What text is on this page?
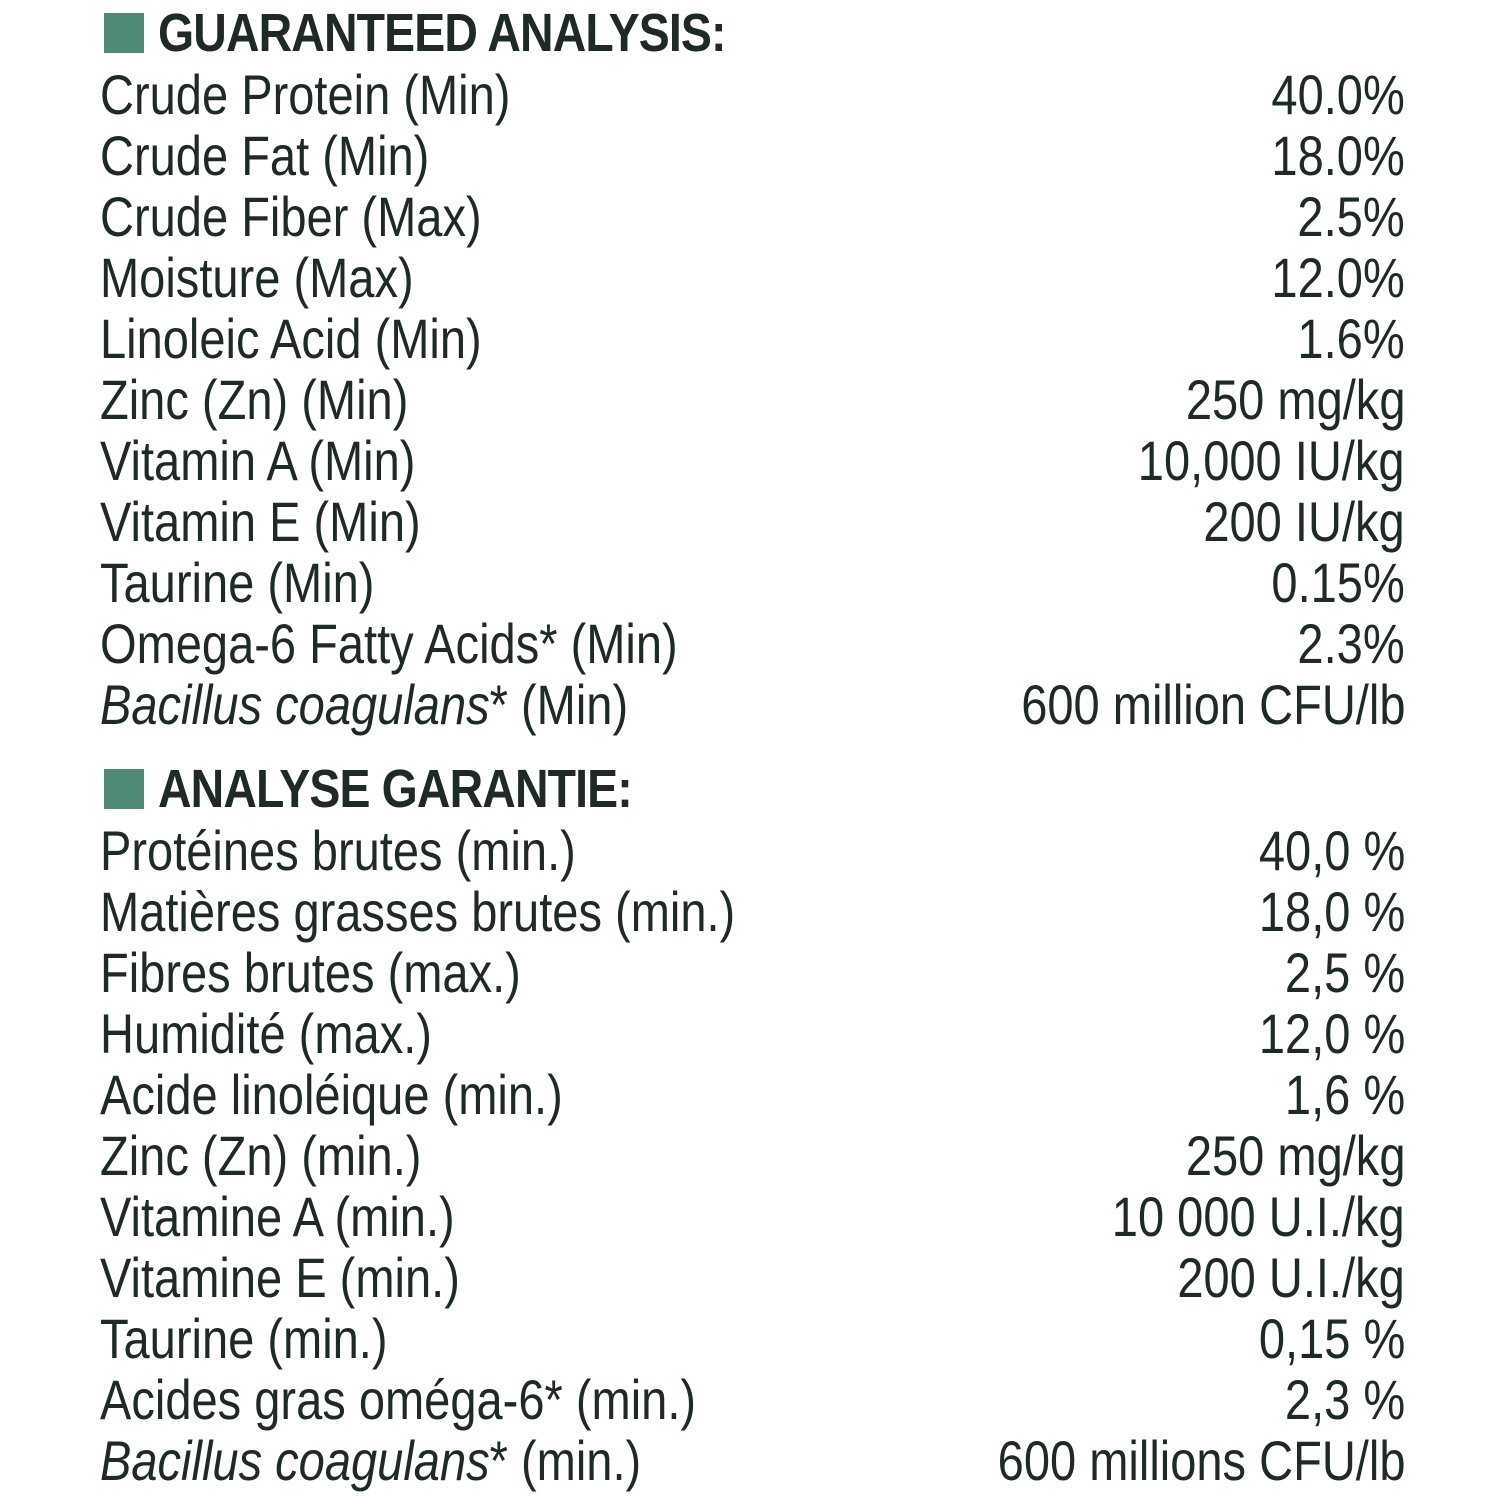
GUARANTEED ANALYSIS:
Crude Protein (Min)	40.0%
Crude Fat (Min)	18.0%
Crude Fiber (Max)	2.5%
Moisture (Max)	12.0%
Linoleic Acid (Min)	1.6%
Zinc (Zn) (Min)	250 mg/kg
Vitamin A (Min)	10,000 IU/kg
Vitamin E (Min)	200 IU/kg
Taurine (Min)	0.15%
Omega-6 Fatty Acids* (Min)	2.3%
Bacillus coagulans* (Min)	600 million CFU/lb
ANALYSE GARANTIE:
Protéines brutes (min.)	40,0 %
Matières grasses brutes (min.)	18,0 %
Fibres brutes (max.)	2,5 %
Humidité (max.)	12,0 %
Acide linoléique (min.)	1,6 %
Zinc (Zn) (min.)	250 mg/kg
Vitamine A (min.)	10 000 U.I./kg
Vitamine E (min.)	200 U.I./kg
Taurine (min.)	0,15 %
Acides gras oméga-6* (min.)	2,3 %
Bacillus coagulans* (min.)	600 millions CFU/lb
